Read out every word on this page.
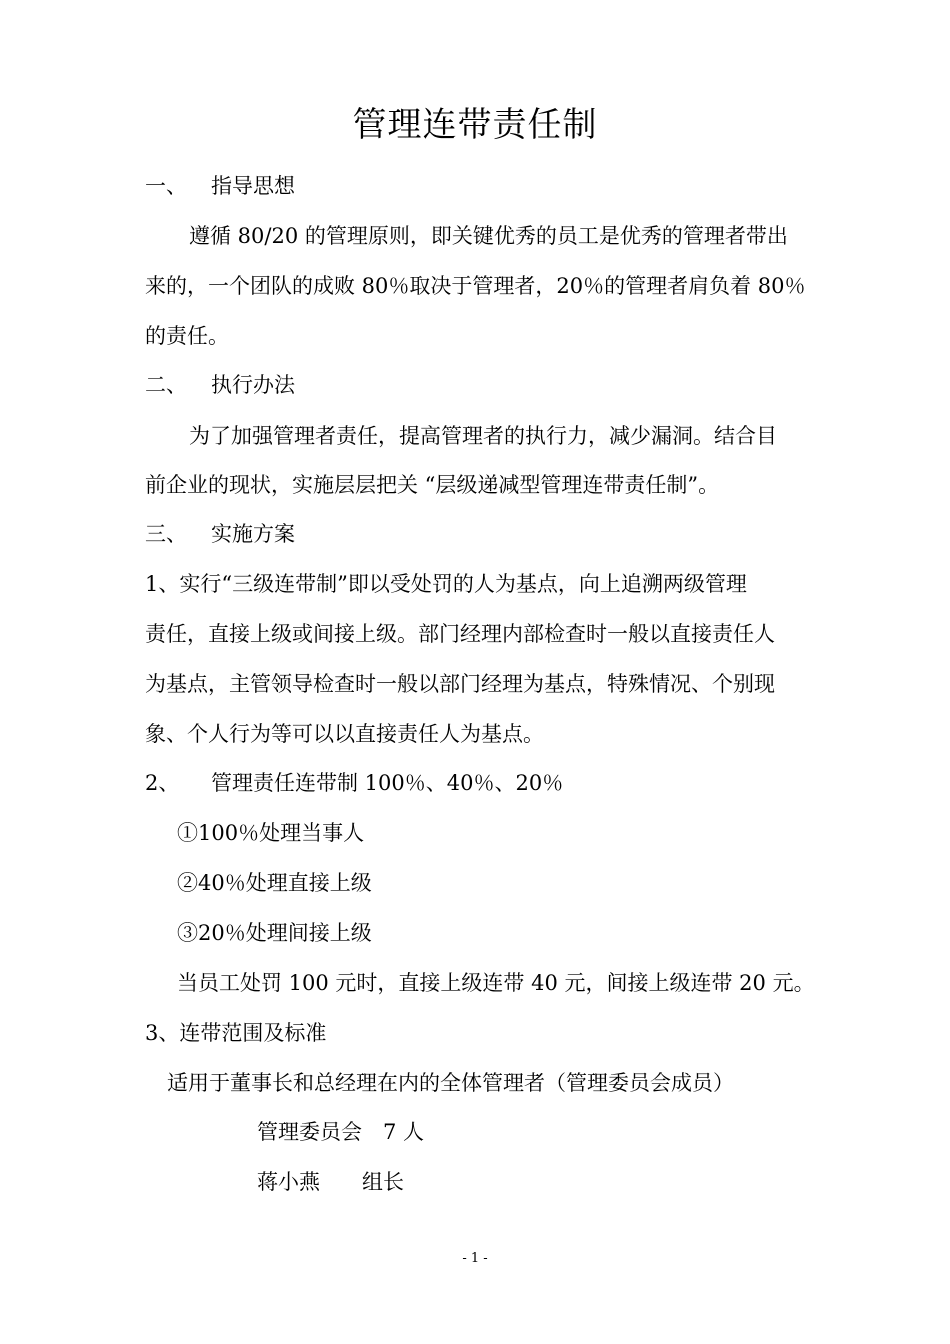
管理连带责任制
一、 指导思想
遵循 80/20 的管理原则，即关键优秀的员工是优秀的管理者带出
来的，一个团队的成败 80％取决于管理者，20％的管理者肩负着 80％
的责任。
二、 执行办法
为了加强管理者责任，提高管理者的执行力，减少漏洞。结合目
前企业的现状，实施层层把关 “层级递减型管理连带责任制”。
三、 实施方案
1、实行“三级连带制”即以受处罚的人为基点，向上追溯两级管理
责任，直接上级或间接上级。部门经理内部检查时一般以直接责任人
为基点，主管领导检查时一般以部门经理为基点，特殊情况、个别现
象、个人行为等可以以直接责任人为基点。
2、 管理责任连带制 100％、40％、20％
①100％处理当事人
②40％处理直接上级
③20％处理间接上级
当员工处罚 100 元时，直接上级连带 40 元，间接上级连带 20 元。
3、连带范围及标准
适用于董事长和总经理在内的全体管理者（管理委员会成员）
管理委员会　7 人
蒋小燕　　组长
- 1 -
